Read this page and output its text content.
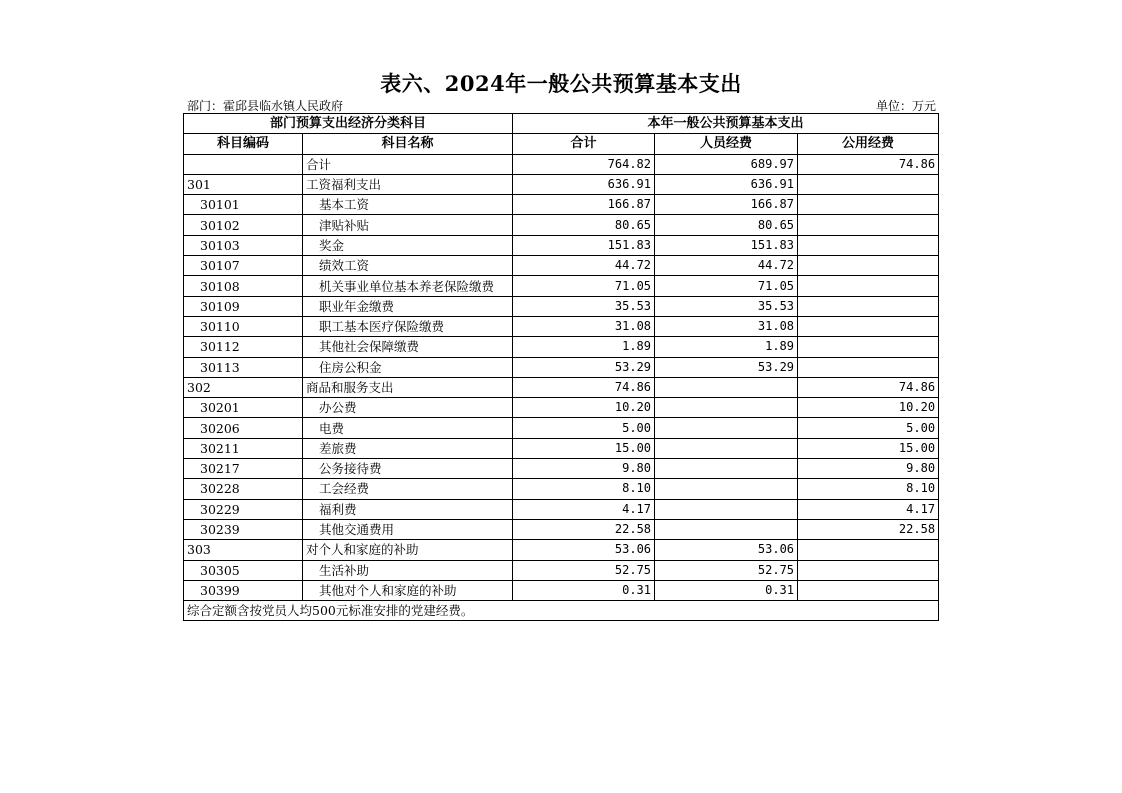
表六、2024年一般公共预算基本支出
部门：霍邱县临水镇人民政府	单位：万元
部门预算支出经济分类科目		本年一般公共预算基本支出		
科目编码	科目名称	合计	人员经费	公用经费
	合计	764.82	689.97	74.86
301	工资福利支出	636.91	636.91	
30101	基本工资	166.87	166.87	
30102	津贴补贴	80.65	80.65	
30103	奖金	151.83	151.83	
30107	绩效工资	44.72	44.72	
30108	机关事业单位基本养老保险缴费	71.05	71.05	
30109	职业年金缴费	35.53	35.53	
30110	职工基本医疗保险缴费	31.08	31.08	
30112	其他社会保障缴费	1.89	1.89	
30113	住房公积金	53.29	53.29	
302	商品和服务支出	74.86		74.86
30201	办公费	10.20		10.20
30206	电费	5.00		5.00
30211	差旅费	15.00		15.00
30217	公务接待费	9.80		9.80
30228	工会经费	8.10		8.10
30229	福利费	4.17		4.17
30239	其他交通费用	22.58		22.58
303	对个人和家庭的补助	53.06	53.06	
30305	生活补助	52.75	52.75	
30399	其他对个人和家庭的补助	0.31	0.31	
综合定额含按党员人均500元标准安排的党建经费。				
